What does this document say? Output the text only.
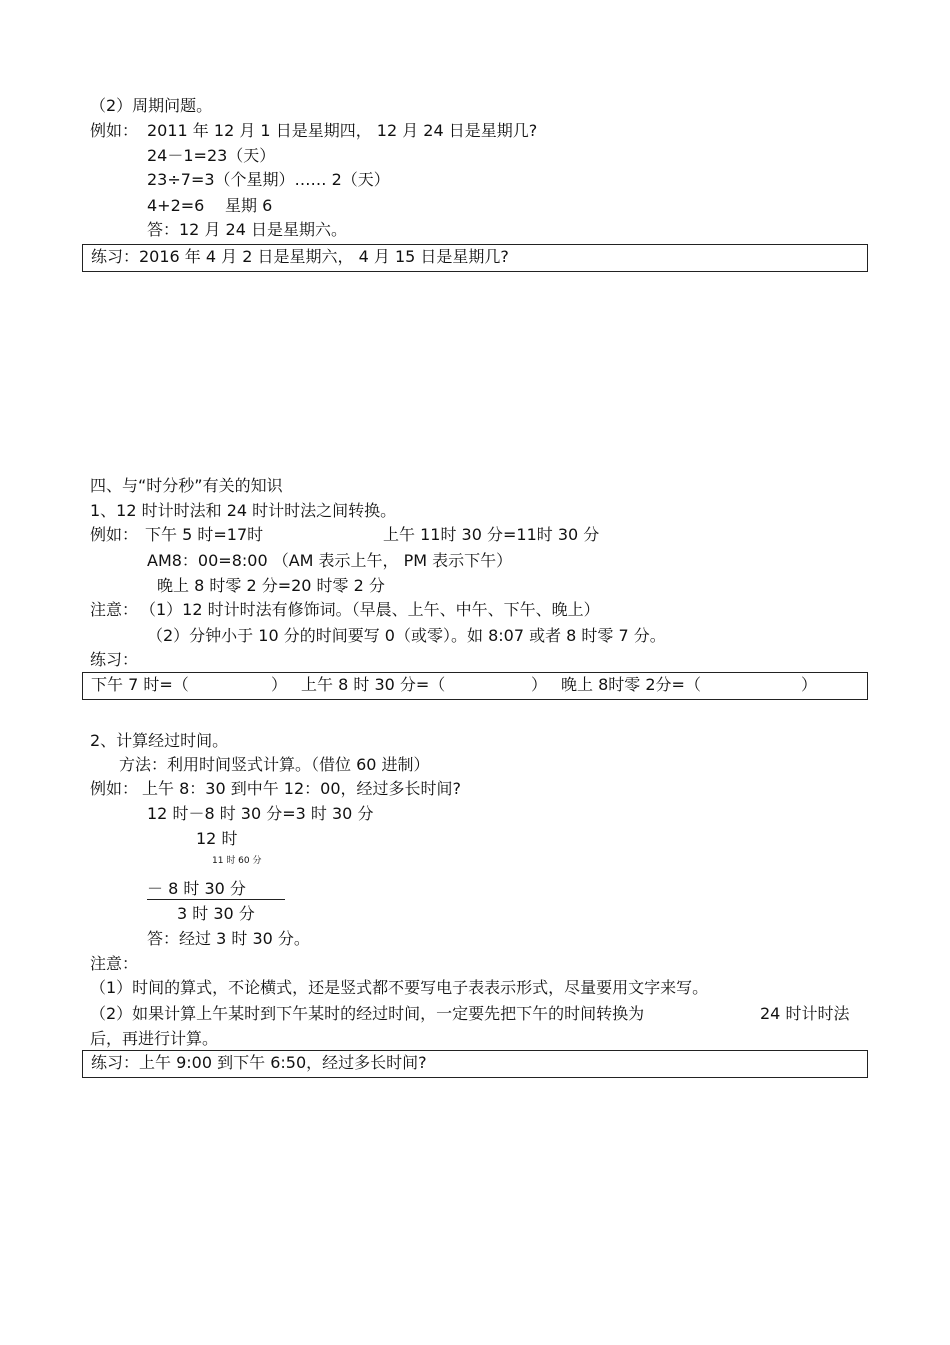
（2）周期问题。
例如： 2011 年 12 月 1 日是星期四， 12 月 24 日是星期几?
24－1=23（天）
23÷7=3（个星期）…… 2（天）
4+2=6 星期 6
答：12 月 24 日是星期六。
练习：2016 年 4 月 2 日是星期六， 4 月 15 日是星期几?
四、与“时分秒”有关的知识
1、12 时计时法和 24 时计时法之间转换。
例如： 下午 5 时=17时	上午 11时 30 分=11时 30 分
AM8：00=8:00 （AM 表示上午， PM 表示下午）
晚上 8 时零 2 分=20 时零 2 分
注意： （1）12 时计时法有修饰词。（早晨、上午、中午、下午、晚上）
（2）分钟小于 10 分的时间要写 0（或零）。如 8:07 或者 8 时零 7 分。
练习：
下午 7 时=（	） 上午 8 时 30 分=（	） 晚上 8时零 2分=（	）
2、计算经过时间。
方法：利用时间竖式计算。（借位 60 进制）
例如： 上午 8：30 到中午 12：00，经过多长时间?
12 时－8 时 30 分=3 时 30 分
12 时
11 时 60 分
－ 8 时 30 分
3 时 30 分
答：经过 3 时 30 分。
注意：
（1）时间的算式，不论横式，还是竖式都不要写电子表表示形式，尽量要用文字来写。
（2）如果计算上午某时到下午某时的经过时间，一定要先把下午的时间转换为	24 时计时法
后，再进行计算。
练习：上午 9:00 到下午 6:50，经过多长时间?
